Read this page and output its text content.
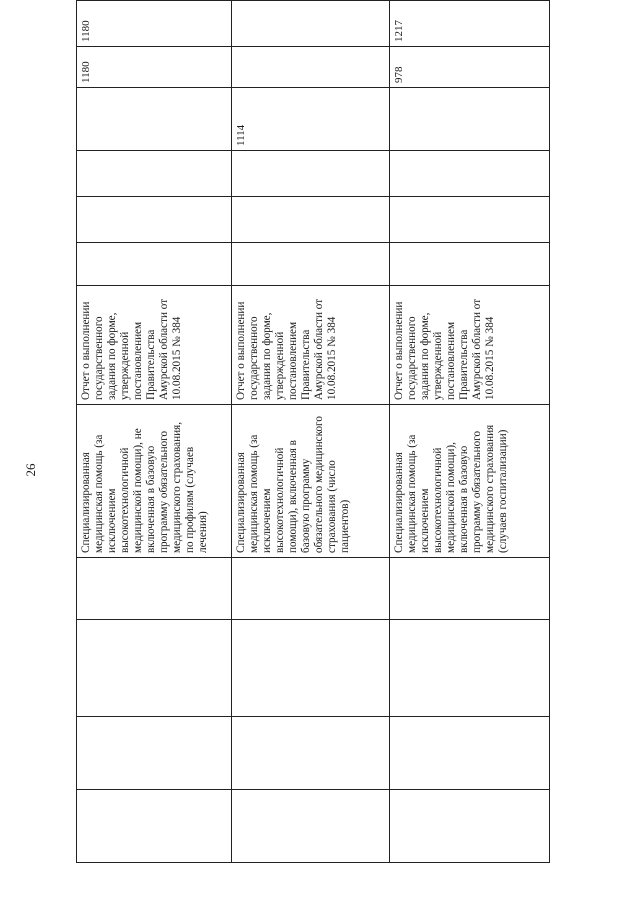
26

				Специализированная медицинская помощь (за исключением высокотехнологичной медицинской помощи), не включенная в базовую программу обязательного медицинского страхования, по профилям (случаев лечения)	Отчет о выполнении государственного задания по форме, утвержденной постановлением Правительства Амурской области от 10.08.2015 № 384					1180	1180		

				Специализированная медицинская помощь (за исключением высокотехнологичной помощи), включенная в базовую программу обязательного медицинского страхования (число пациентов)	Отчет о выполнении государственного задания по форме, утвержденной постановлением Правительства Амурской области от 10.08.2015 № 384				1114				

				Специализированная медицинская помощь (за исключением высокотехнологичной медицинской помощи), включенная в базовую программу обязательного медицинского страхования (случаев госпитализации)	Отчет о выполнении государственного задания по форме, утвержденной постановлением Правительства Амурской области от 10.08.2015 № 384					978	1217		
